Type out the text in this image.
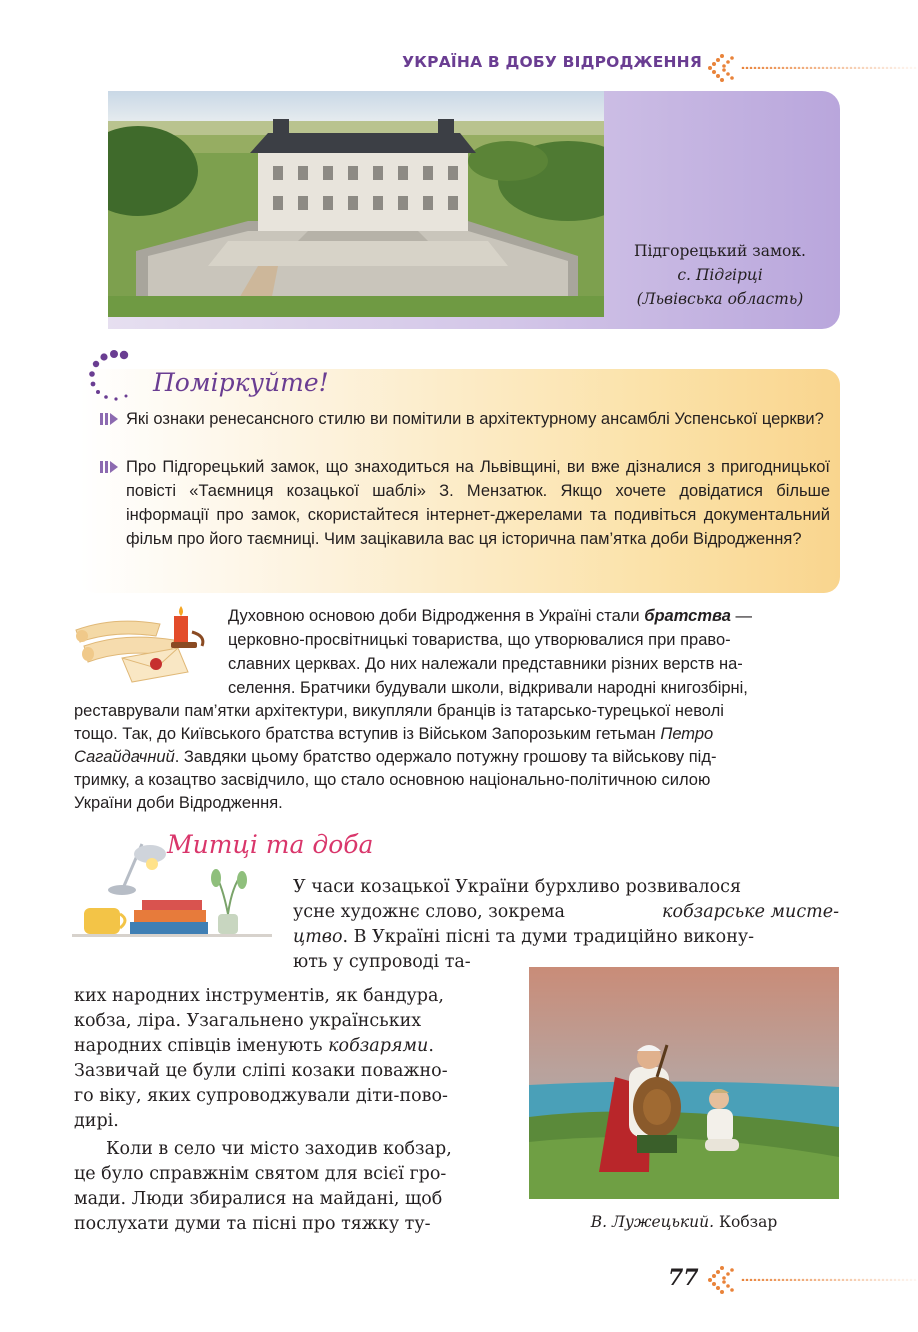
УКРАЇНА В ДОБУ ВІДРОДЖЕННЯ
Підгорецький замок.
с. Підгірці
(Львівська область)
Поміркуйте!
Які ознаки ренесансного стилю ви помітили в архітектурному ансамблі Успенської церкви?
Про Підгорецький замок, що знаходиться на Львівщині, ви вже дізналися з пригодницької повісті «Таємниця козацької шаблі» З. Мензатюк. Якщо хочете довідатися більше інформації про замок, скористайтеся інтернет-джерелами та подивіться документальний фільм про його таємниці. Чим зацікавила вас ця історична пам’ятка доби Відродження?
Духовною основою доби Відродження в Україні стали братства —
церковно-просвітницькі товариства, що утворювалися при право-
славних церквах. До них належали представники різних верств на-
селення. Братчики будували школи, відкривали народні книгозбірні,
реставрували пам’ятки архітектури, викупляли бранців із татарсько-турецької неволі
тощо. Так, до Київського братства вступив із Військом Запорозьким гетьман Петро
Сагайдачний. Завдяки цьому братство одержало потужну грошову та військову під-
тримку, а козацтво засвідчило, що стало основною національно-політичною силою
України доби Відродження.
Митці та доба
У часи козацької України бурхливо розвивалося
усне художнє слово, зокрема	кобзарське мисте-
цтво. В Україні пісні та думи традиційно викону-
ють у супроводі та-
ких народних інструментів, як бандура,
кобза, ліра. Узагальнено українських
народних співців іменують кобзарями.
Зазвичай це були сліпі козаки поважно-
го віку, яких супроводжували діти-пово-
дирі.
Коли в село чи місто заходив кобзар,
це було справжнім святом для всієї гро-
мади. Люди збиралися на майдані, щоб
послухати думи та пісні про тяжку ту-	В. Лужецький. Кобзар
77
